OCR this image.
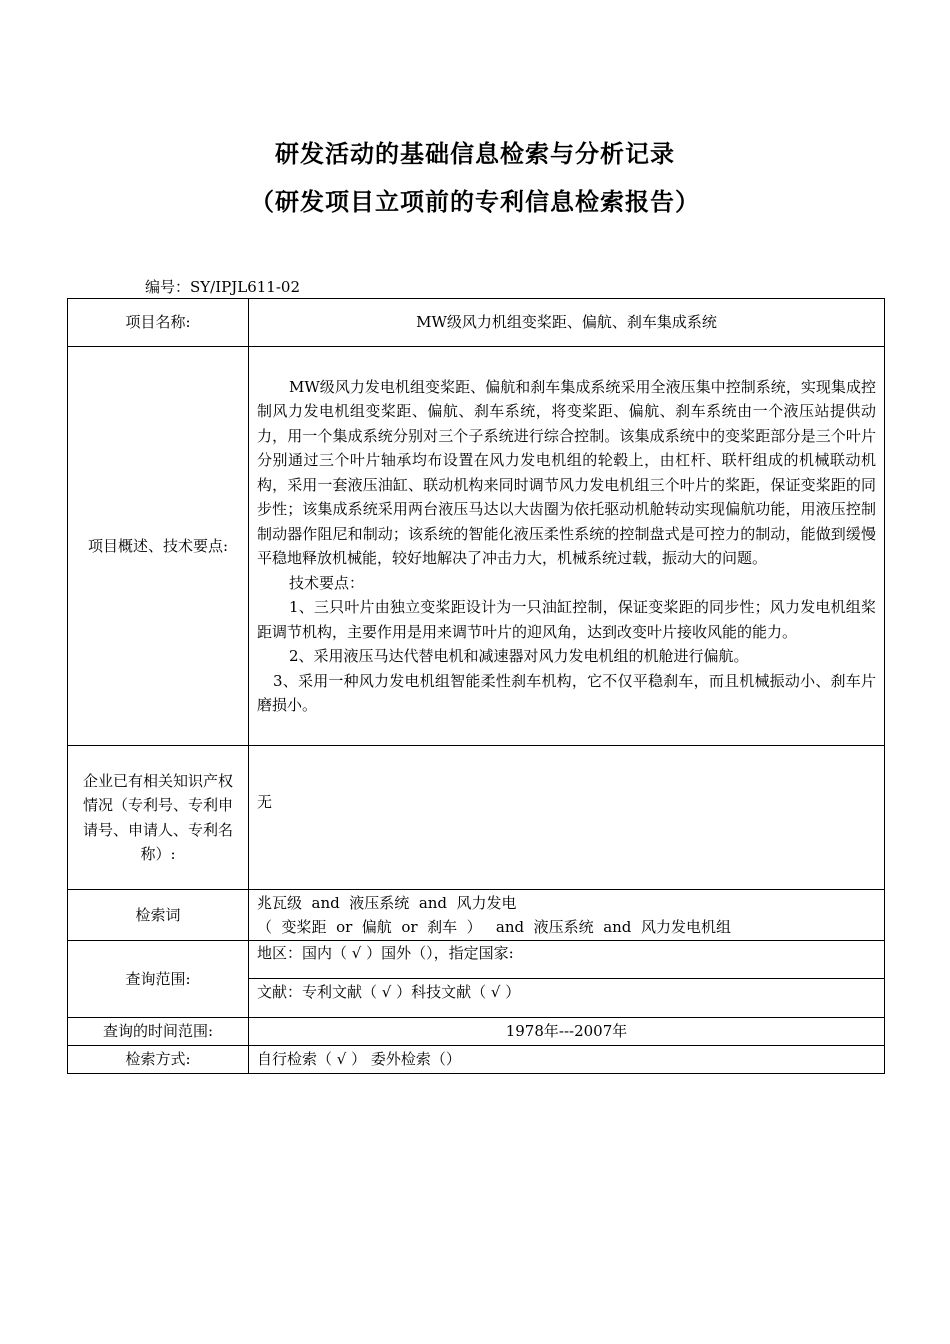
研发活动的基础信息检索与分析记录
（研发项目立项前的专利信息检索报告）
编号：SY/IPJL611-02
项目名称:	MW级风力机组变桨距、偏航、刹车集成系统
项目概述、技术要点:	MW级风力发电机组变桨距、偏航和刹车集成系统采用全液压集中控制系统，实现集成控制风力发电机组变桨距、偏航、刹车系统，将变桨距、偏航、刹车系统由一个液压站提供动力，用一个集成系统分别对三个子系统进行综合控制。该集成系统中的变桨距部分是三个叶片分别通过三个叶片轴承均布设置在风力发电机组的轮毂上，由杠杆、联杆组成的机械联动机构，采用一套液压油缸、联动机构来同时调节风力发电机组三个叶片的桨距，保证变桨距的同步性；该集成系统采用两台液压马达以大齿圈为依托驱动机舱转动实现偏航功能，用液压控制制动器作阻尼和制动；该系统的智能化液压柔性系统的控制盘式是可控力的制动，能做到缓慢平稳地释放机械能，较好地解决了冲击力大，机械系统过载，振动大的问题。

技术要点：

1、三只叶片由独立变桨距设计为一只油缸控制，保证变桨距的同步性；风力发电机组桨距调节机构，主要作用是用来调节叶片的迎风角，达到改变叶片接收风能的能力。

2、采用液压马达代替电机和减速器对风力发电机组的机舱进行偏航。

3、采用一种风力发电机组智能柔性刹车机构，它不仅平稳刹车，而且机械振动小、刹车片磨损小。

企业已有相关知识产权情况（专利号、专利申请号、申请人、专利名称）:	无
检索词	兆瓦级  and  液压系统  and  风力发电
（  变桨距  or  偏航  or  刹车  ）   and  液压系统  and  风力发电机组

查询范围:	地区：国内（ √ ）国外（），指定国家:
	文献：专利文献（ √ ）科技文献（ √ ）
查询的时间范围:	1978年---2007年
检索方式:	自行检索（ √ ） 委外检索（）
